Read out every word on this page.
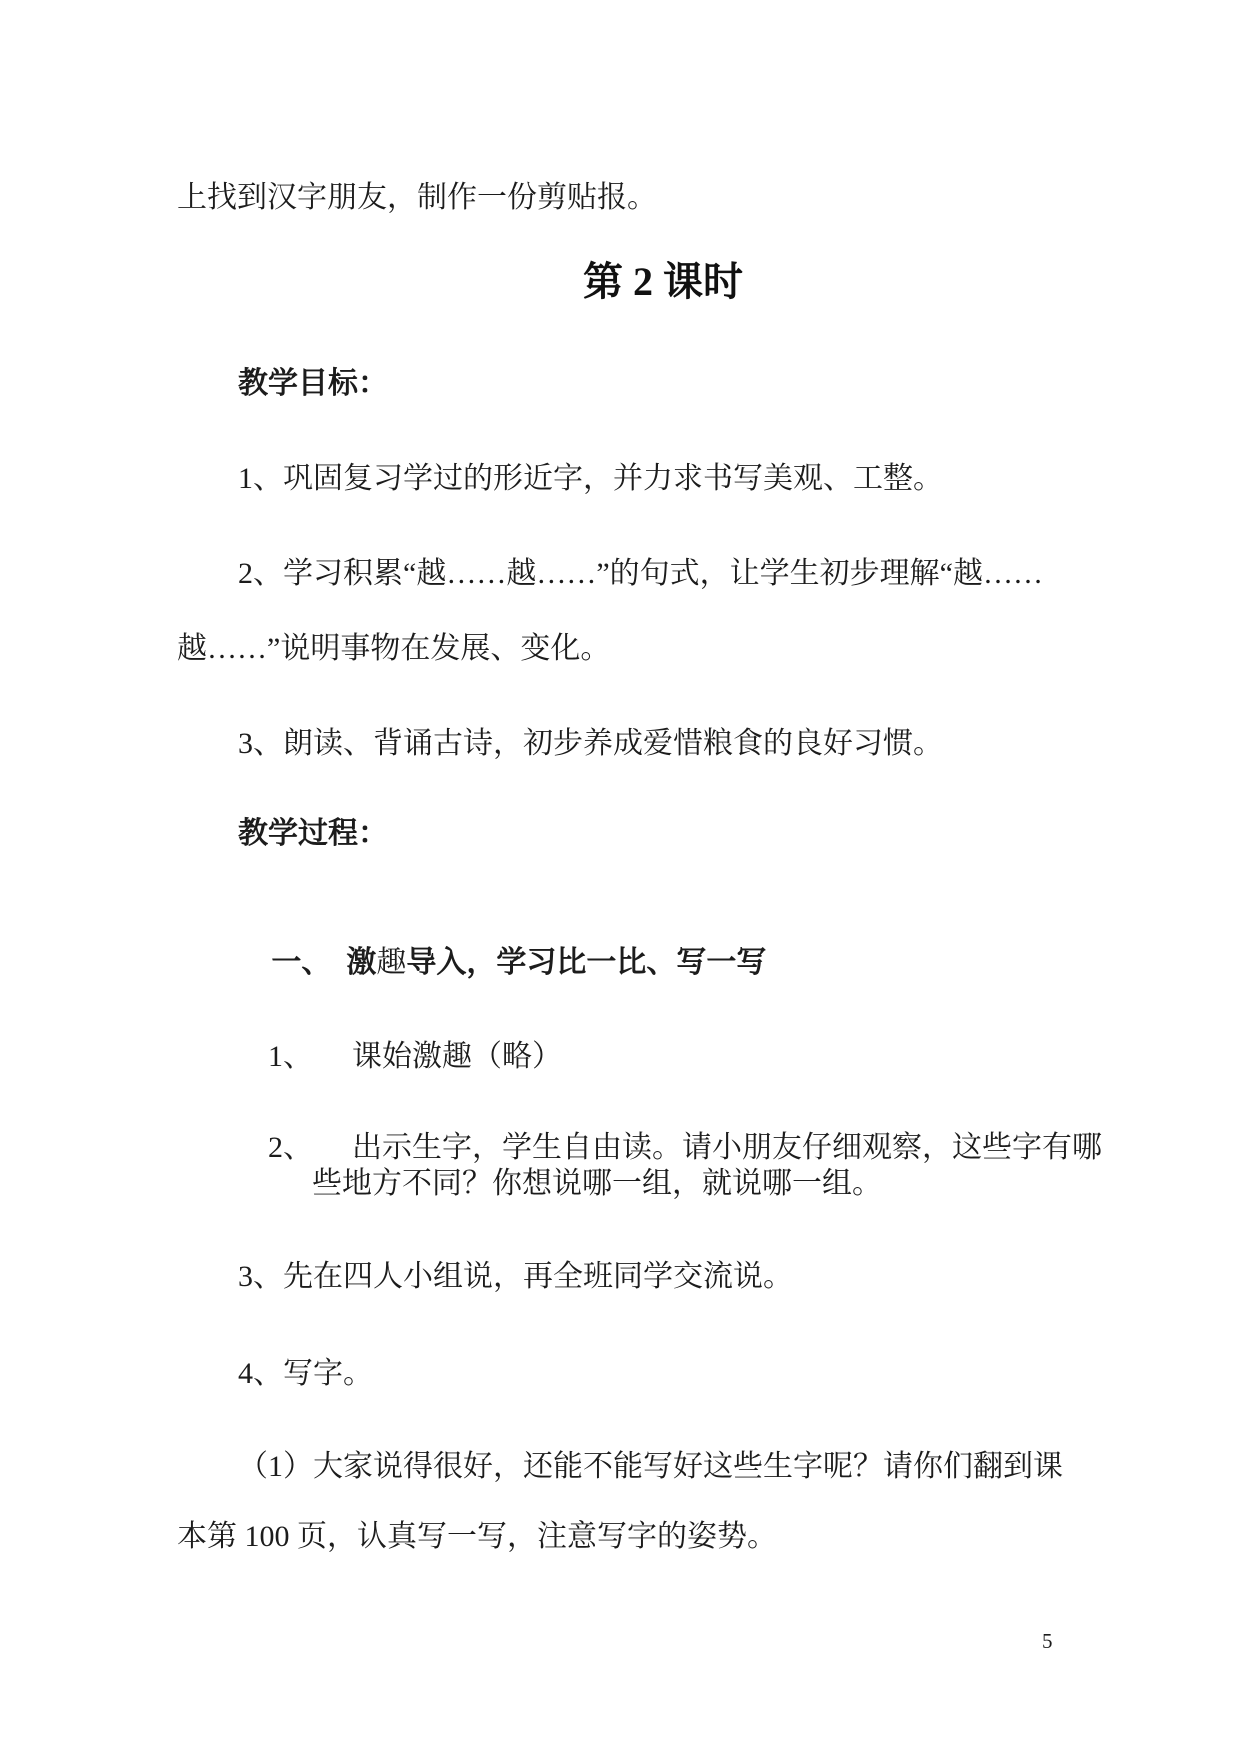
上找到汉字朋友，制作一份剪贴报。
第 2 课时
教学目标：
1、巩固复习学过的形近字，并力求书写美观、工整。
2、学习积累“越……越……”的句式，让学生初步理解“越……
越……”说明事物在发展、变化。
3、朗读、背诵古诗，初步养成爱惜粮食的良好习惯。
教学过程：

一、 激趣导入，学习比一比、写一写

1、 课始激趣（略）

2、 出示生字，学生自由读。请小朋友仔细观察，这些字有哪

些地方不同？你想说哪一组，就说哪一组。
3、先在四人小组说，再全班同学交流说。
4、写字。
（1）大家说得很好，还能不能写好这些生字呢？请你们翻到课
本第 100 页，认真写一写，注意写字的姿势。
5
